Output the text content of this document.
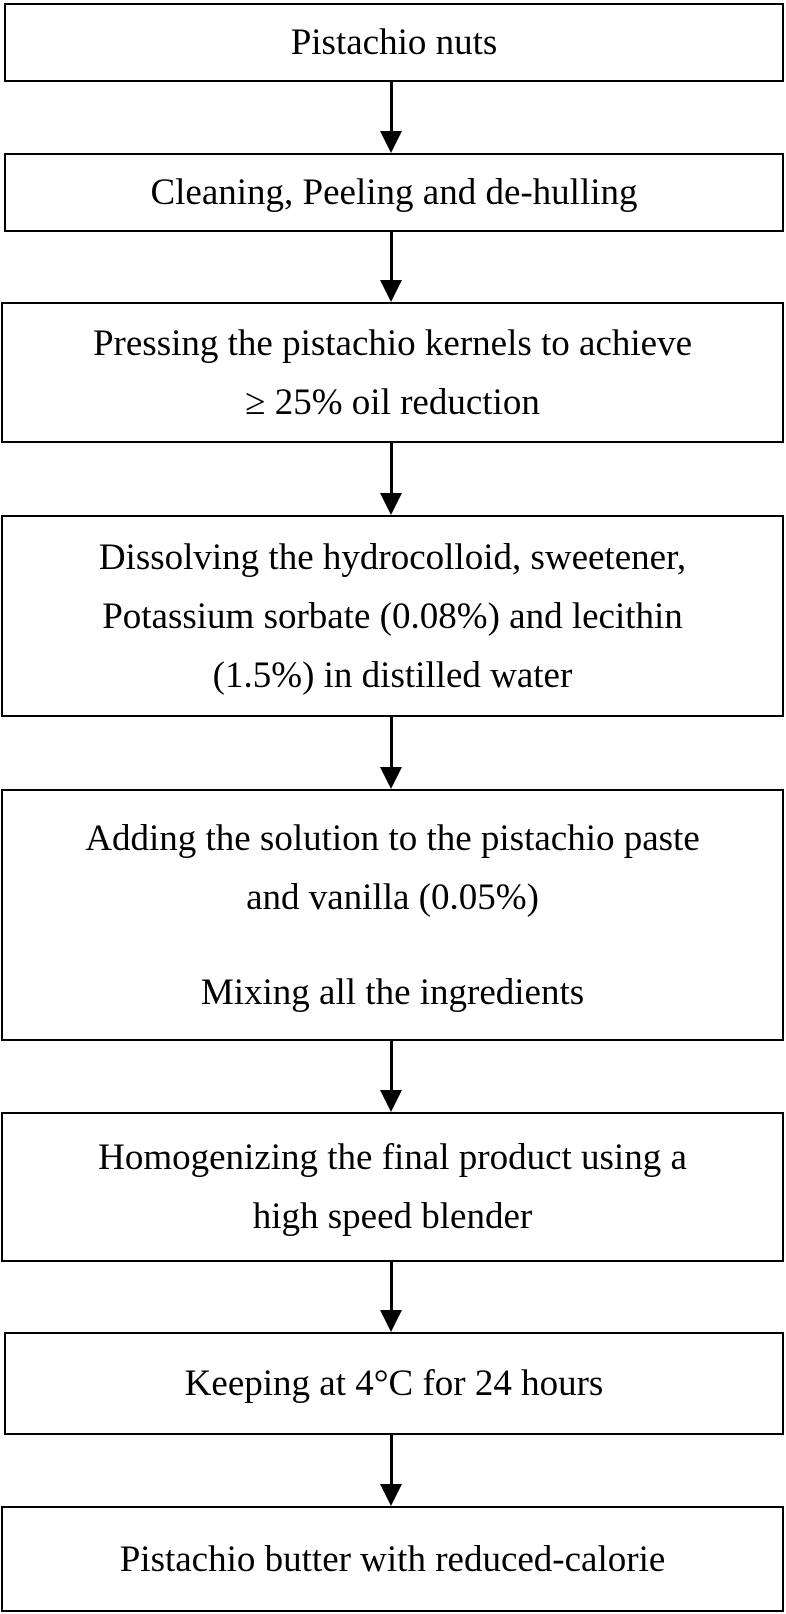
Pistachio nuts
Cleaning, Peeling and de-hulling
Pressing the pistachio kernels to achieve
≥ 25% oil reduction
Dissolving the hydrocolloid, sweetener,
Potassium sorbate (0.08%) and lecithin
(1.5%) in distilled water
Adding the solution to the pistachio paste
and vanilla (0.05%)
Mixing all the ingredients
Homogenizing the final product using a
high speed blender
Keeping at 4°C for 24 hours
Pistachio butter with reduced-calorie
